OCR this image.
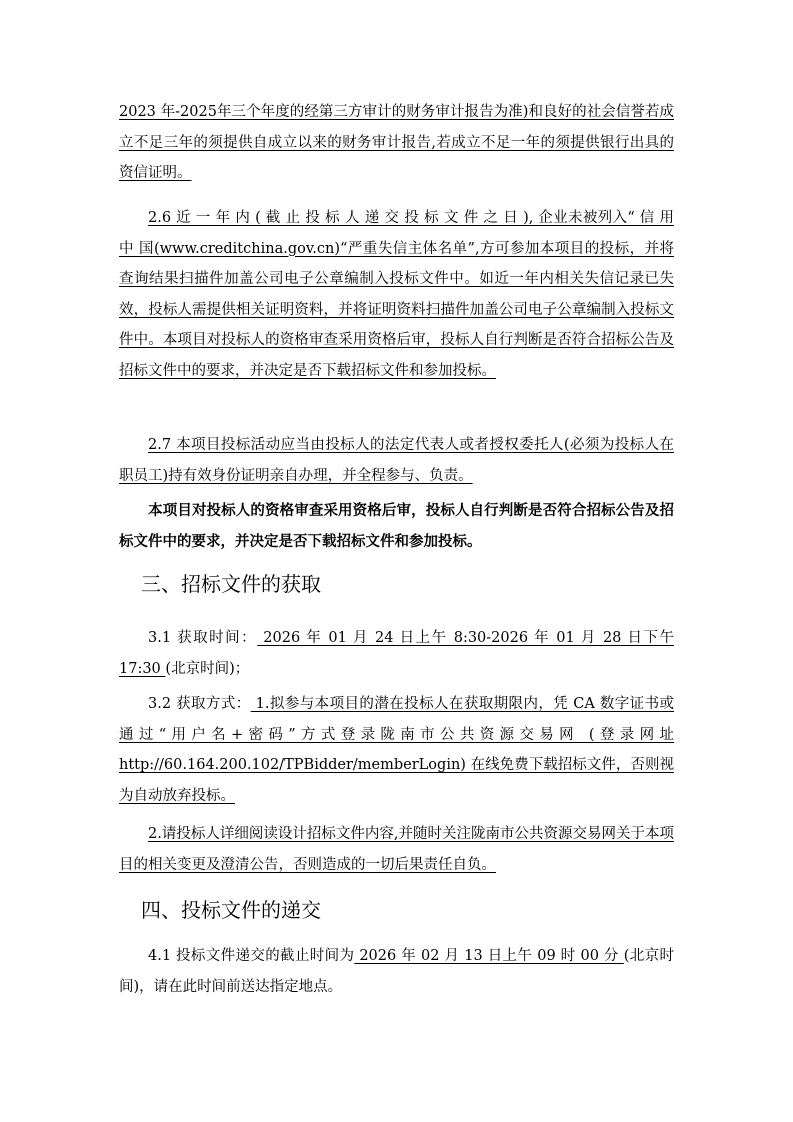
2023 年-2025年三个年度的经第三方审计的财务审计报告为准)和良好的社会信誉若成立不足三年的须提供自成立以来的财务审计报告,若成立不足一年的须提供银行出具的资信证明。

2.6 近 一 年 内 ( 截 止 投 标 人 递 交 投 标 文 件 之 日 ), 企业未被列入“ 信 用 中 国(www.creditchina.gov.cn)“严重失信主体名单”,方可参加本项目的投标，并将查询结果扫描件加盖公司电子公章编制入投标文件中。如近一年内相关失信记录已失效，投标人需提供相关证明资料，并将证明资料扫描件加盖公司电子公章编制入投标文件中。本项目对投标人的资格审查采用资格后审，投标人自行判断是否符合招标公告及招标文件中的要求，并决定是否下载招标文件和参加投标。

2.7 本项目投标活动应当由投标人的法定代表人或者授权委托人(必须为投标人在职员工)持有效身份证明亲自办理，并全程参与、负责。

本项目对投标人的资格审查采用资格后审，投标人自行判断是否符合招标公告及招标文件中的要求，并决定是否下载招标文件和参加投标。

三、招标文件的获取

3.1 获取时间： 2026 年 01 月 24 日上午 8:30-2026 年 01 月 28 日下午 17:30 (北京时间)；

3.2 获取方式： 1.拟参与本项目的潜在投标人在获取期限内，凭 CA 数字证书或通过“用户名+密码”方式登录陇南市公共资源交易网 (登录网址 http://60.164.200.102/TPBidder/memberLogin) 在线免费下载招标文件，否则视为自动放弃投标。

2.请投标人详细阅读设计招标文件内容,并随时关注陇南市公共资源交易网关于本项目的相关变更及澄清公告，否则造成的一切后果责任自负。

四、投标文件的递交

4.1 投标文件递交的截止时间为 2026 年 02 月 13 日上午 09 时 00 分 (北京时间)，请在此时间前送达指定地点。
